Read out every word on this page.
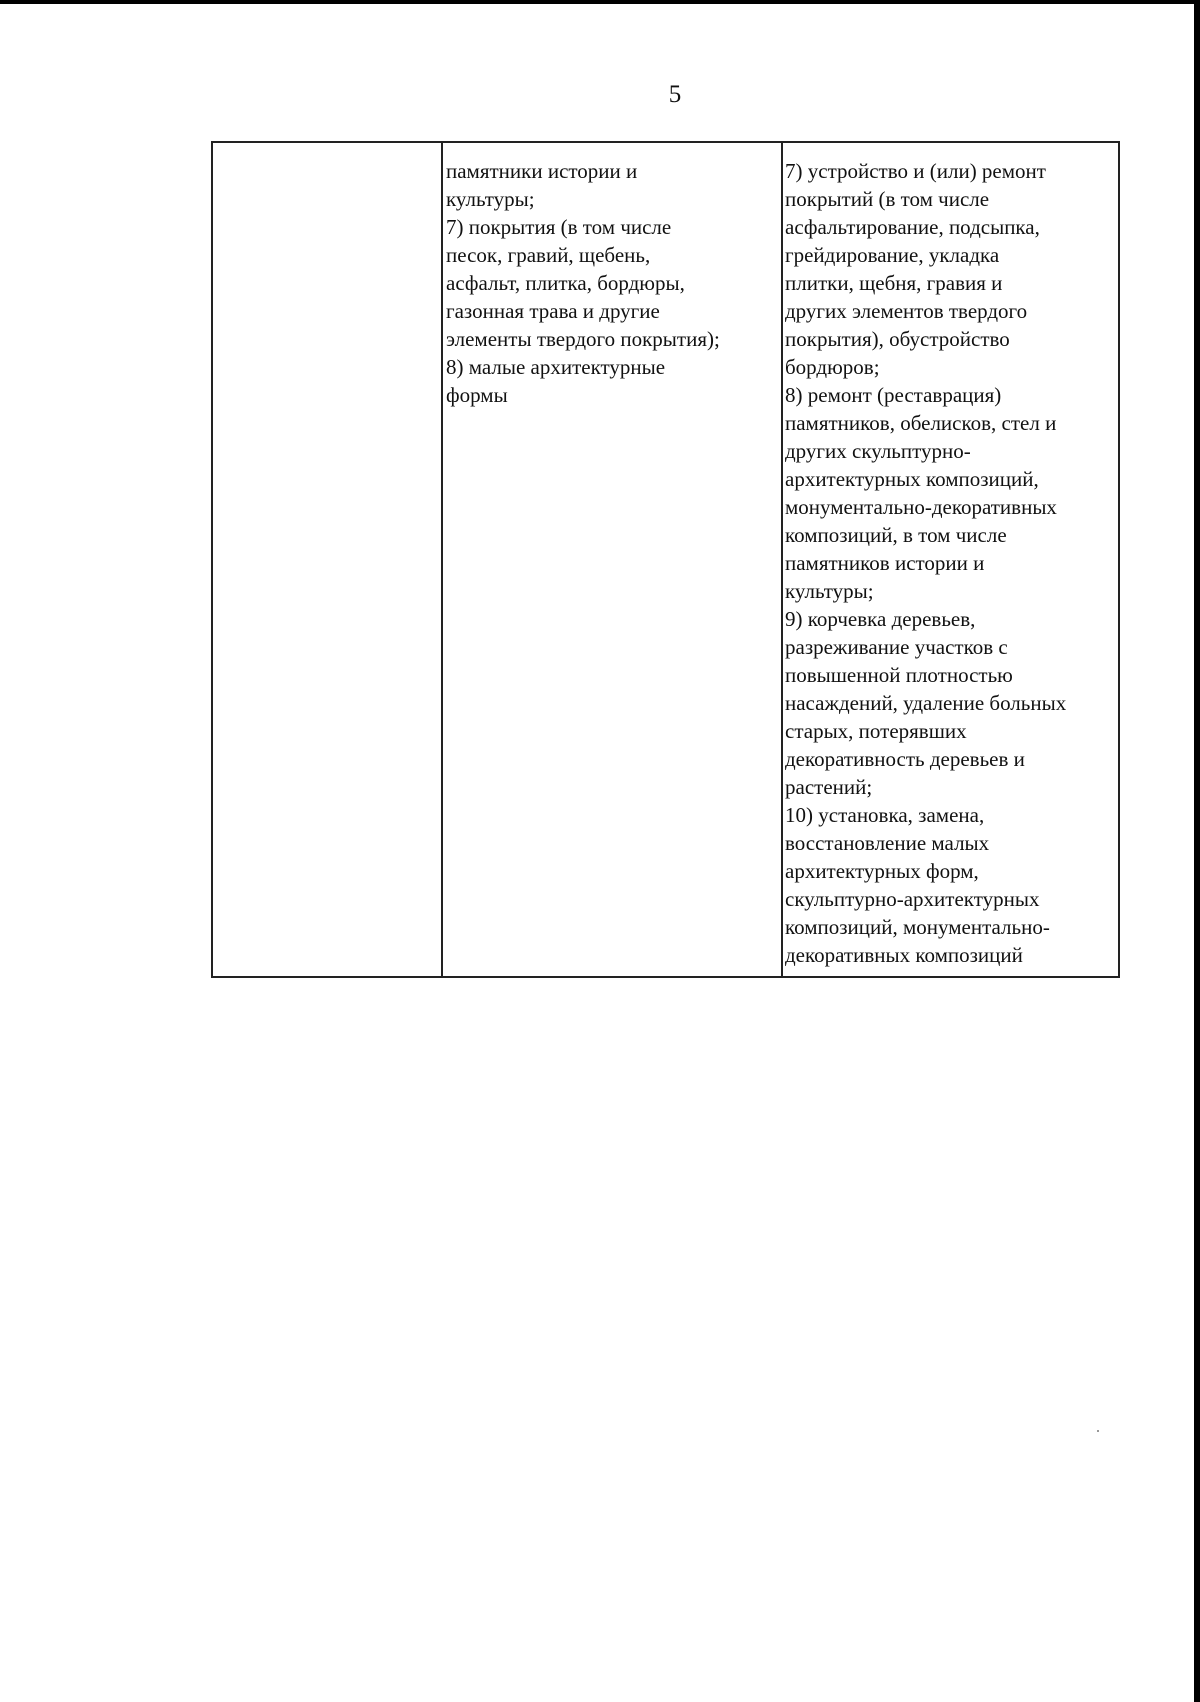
5
памятники истории и
культуры;
7) покрытия (в том числе
песок, гравий, щебень,
асфальт, плитка, бордюры,
газонная трава и другие
элементы твердого покрытия);
8) малые архитектурные
формы
7) устройство и (или) ремонт
покрытий (в том числе
асфальтирование, подсыпка,
грейдирование, укладка
плитки, щебня, гравия и
других элементов твердого
покрытия), обустройство
бордюров;
8) ремонт (реставрация)
памятников, обелисков, стел и
других скульптурно-
архитектурных композиций,
монументально-декоративных
композиций, в том числе
памятников истории и
культуры;
9) корчевка деревьев,
разреживание участков с
повышенной плотностью
насаждений, удаление больных
старых, потерявших
декоративность деревьев и
растений;
10) установка, замена,
восстановление малых
архитектурных форм,
скульптурно-архитектурных
композиций, монументально-
декоративных композиций
